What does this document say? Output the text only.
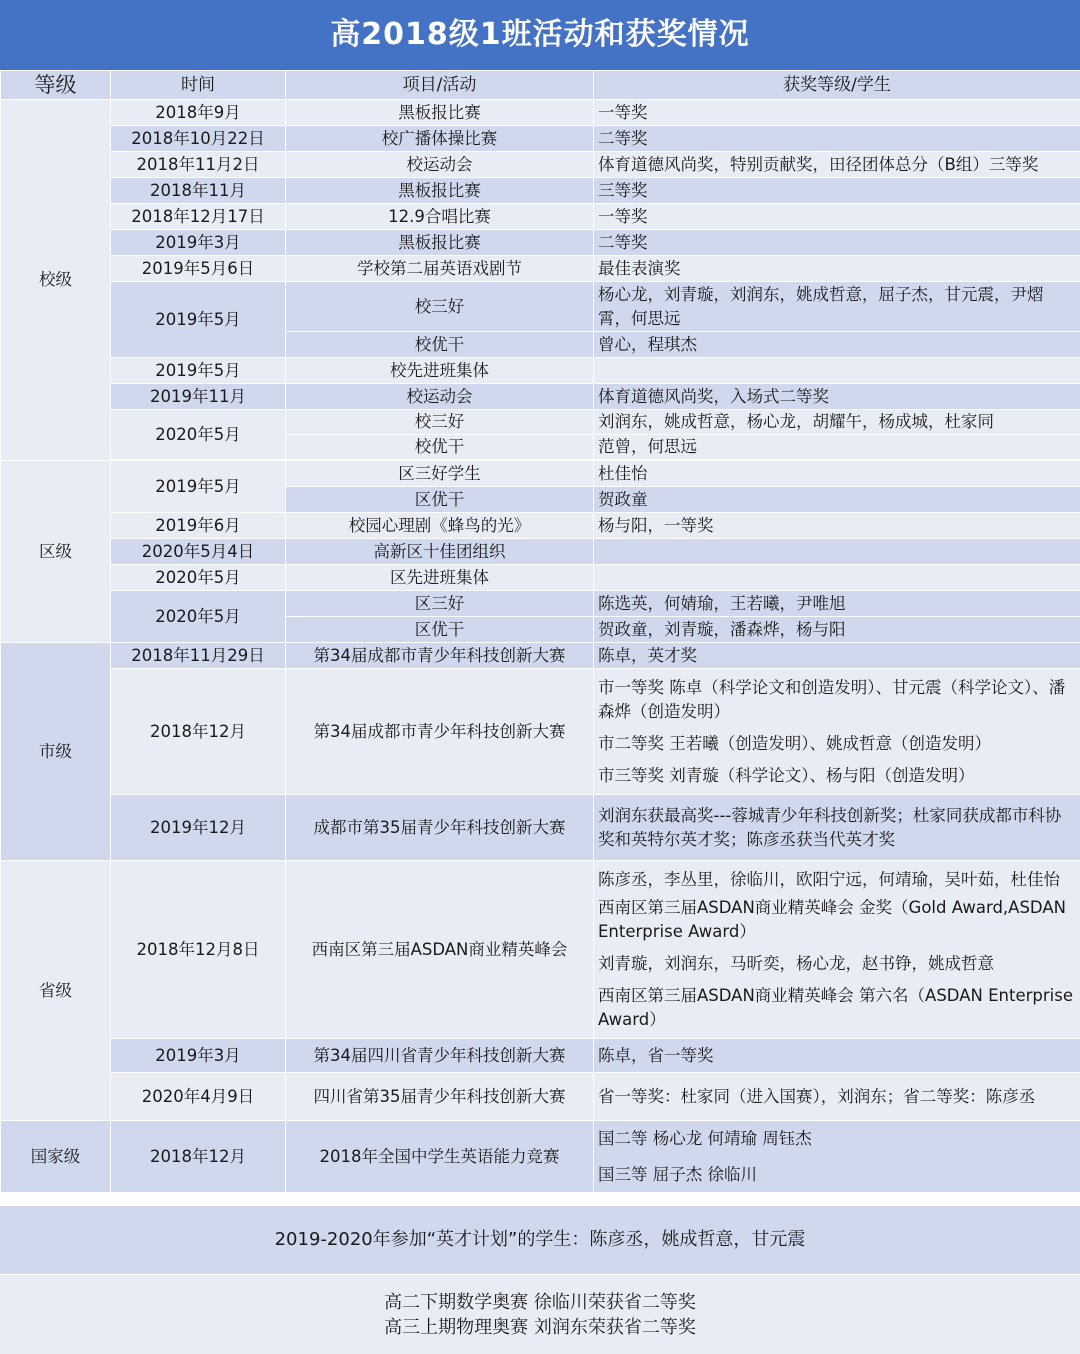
高2018级1班活动和获奖情况
等级	时间	项目/活动	获奖等级/学生
校级	2018年9月	黑板报比赛	一等奖
	2018年10月22日	校广播体操比赛	二等奖
	2018年11月2日	校运动会	体育道德风尚奖，特别贡献奖，田径团体总分（B组）三等奖
	2018年11月	黑板报比赛	三等奖
	2018年12月17日	12.9合唱比赛	一等奖
	2019年3月	黑板报比赛	二等奖
	2019年5月6日	学校第二届英语戏剧节	最佳表演奖
	2019年5月	校三好	杨心龙，刘青璇，刘润东，姚成哲意，屈子杰，甘元震，尹熠霄，何思远
		校优干	曾心，程琪杰
	2019年5月	校先进班集体	
	2019年11月	校运动会	体育道德风尚奖，入场式二等奖
	2020年5月	校三好	刘润东，姚成哲意，杨心龙，胡耀午，杨成城，杜家同
		校优干	范曾，何思远

区级	2019年5月	区三好学生	杜佳怡
		区优干	贺政童
	2019年6月	校园心理剧《蜂鸟的光》	杨与阳，一等奖
	2020年5月4日	高新区十佳团组织	
	2020年5月	区先进班集体	
	2020年5月	区三好	陈选英，何婧瑜，王若曦，尹唯旭
		区优干	贺政童，刘青璇，潘森烨，杨与阳
市级	2018年11月29日	第34届成都市青少年科技创新大赛	陈卓，英才奖
	2018年12月	第34届成都市青少年科技创新大赛	市一等奖 陈卓（科学论文和创造发明）、甘元震（科学论文）、潘森烨（创造发明）

市二等奖 王若曦（创造发明）、姚成哲意（创造发明）

市三等奖 刘青璇（科学论文）、杨与阳（创造发明）

	2019年12月	成都市第35届青少年科技创新大赛	刘润东获最高奖---蓉城青少年科技创新奖；杜家同获成都市科协奖和英特尔英才奖；陈彦丞获当代英才奖
省级	2018年12月8日	西南区第三届ASDAN商业精英峰会	陈彦丞，李丛里，徐临川，欧阳宁远，何靖瑜，吴叶茹，杜佳怡

西南区第三届ASDAN商业精英峰会 金奖（Gold Award,ASDAN Enterprise Award）

刘青璇，刘润东，马昕奕，杨心龙，赵书铮，姚成哲意

西南区第三届ASDAN商业精英峰会 第六名（ASDAN Enterprise Award）

	2019年3月	第34届四川省青少年科技创新大赛	陈卓，省一等奖
	2020年4月9日	四川省第35届青少年科技创新大赛	省一等奖：杜家同（进入国赛），刘润东；省二等奖：陈彦丞
国家级	2018年12月	2018年全国中学生英语能力竞赛	国二等 杨心龙 何靖瑜 周钰杰

国三等 屈子杰 徐临川

2019-2020年参加“英才计划”的学生：陈彦丞，姚成哲意，甘元震
高二下期数学奥赛 徐临川荣获省二等奖
高三上期物理奥赛 刘润东荣获省二等奖
